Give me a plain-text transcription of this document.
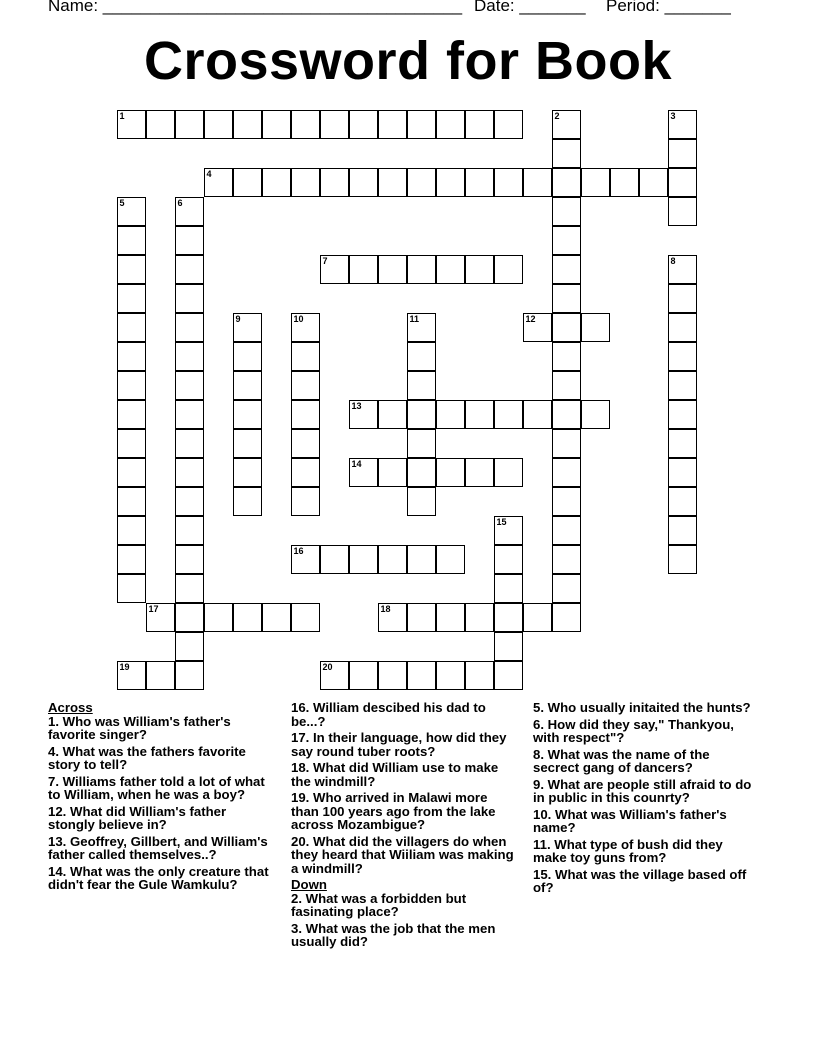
Name: ______________________________________ Date: _______ Period: _______
Crossword for Book
1	2	3
4
5	6
7	8
9	10	11	12
13
14
15
16
17	18
19	20

Across

1. Who was William's father's favorite singer?

4. What was the fathers favorite story to tell?

7. Williams father told a lot of what to William, when he was a boy?

12. What did William's father stongly believe in?

13. Geoffrey, Gillbert, and William's father called themselves..?

14. What was the only creature that didn't fear the Gule Wamkulu?

16. William descibed his dad to be...?

17. In their language, how did they say round tuber roots?

18. What did William use to make the windmill?

19. Who arrived in Malawi more than 100 years ago from the lake across Mozambigue?

20. What did the villagers do when they heard that Wiiliam was making a windmill?

Down

2. What was a forbidden but fasinating place?

3. What was the job that the men usually did?

5. Who usually initaited the hunts?

6. How did they say," Thankyou, with respect"?

8. What was the name of the secrect gang of dancers?

9. What are people still afraid to do in public in this counrty?

10. What was William's father's name?

11. What type of bush did they make toy guns from?

15. What was the village based off of?
